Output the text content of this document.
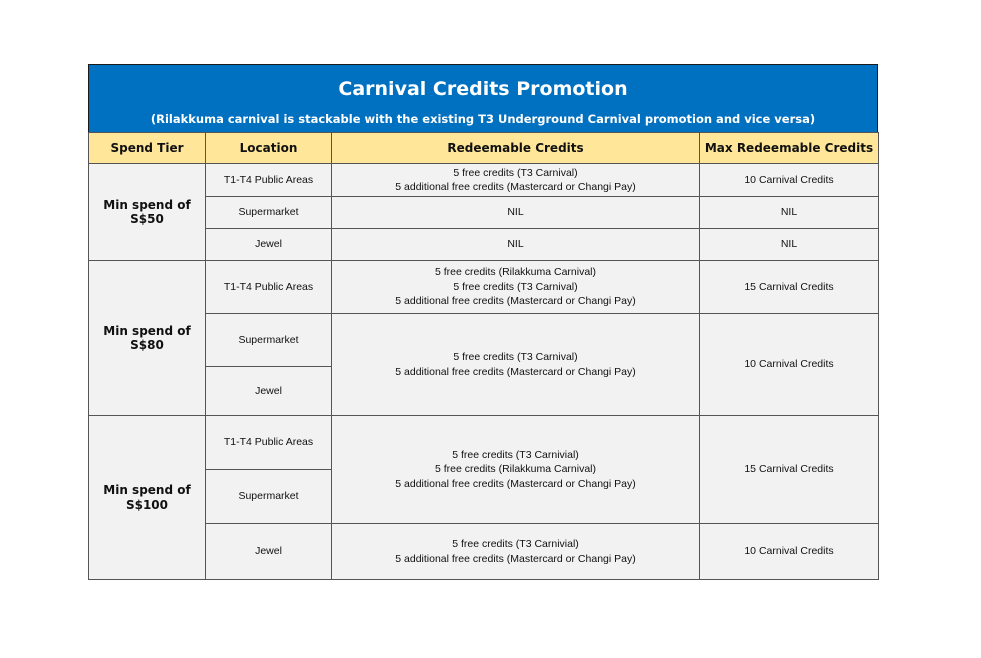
Carnival Credits Promotion
(Rilakkuma carnival is stackable with the existing T3 Underground Carnival promotion and vice versa)
Spend Tier	Location	Redeemable Credits	Max Redeemable Credits
Min spend of S$50	T1-T4 Public Areas	5 free credits (T3 Carnival)
5 additional free credits (Mastercard or Changi Pay)	10 Carnival Credits
	Supermarket	NIL	NIL
	Jewel	NIL	NIL
Min spend of S$80	T1-T4 Public Areas	5 free credits (Rilakkuma Carnival)
5 free credits (T3 Carnival)
5 additional free credits (Mastercard or Changi Pay)	15 Carnival Credits
	Supermarket	5 free credits (T3 Carnival)
5 additional free credits (Mastercard or Changi Pay)	10 Carnival Credits
	Jewel		
Min spend of S$100	T1-T4 Public Areas	5 free credits (T3 Carnivial)
5 free credits (Rilakkuma Carnival)
5 additional free credits (Mastercard or Changi Pay)	15 Carnival Credits
	Supermarket		
	Jewel	5 free credits (T3 Carnivial)
5 additional free credits (Mastercard or Changi Pay)	10 Carnival Credits
